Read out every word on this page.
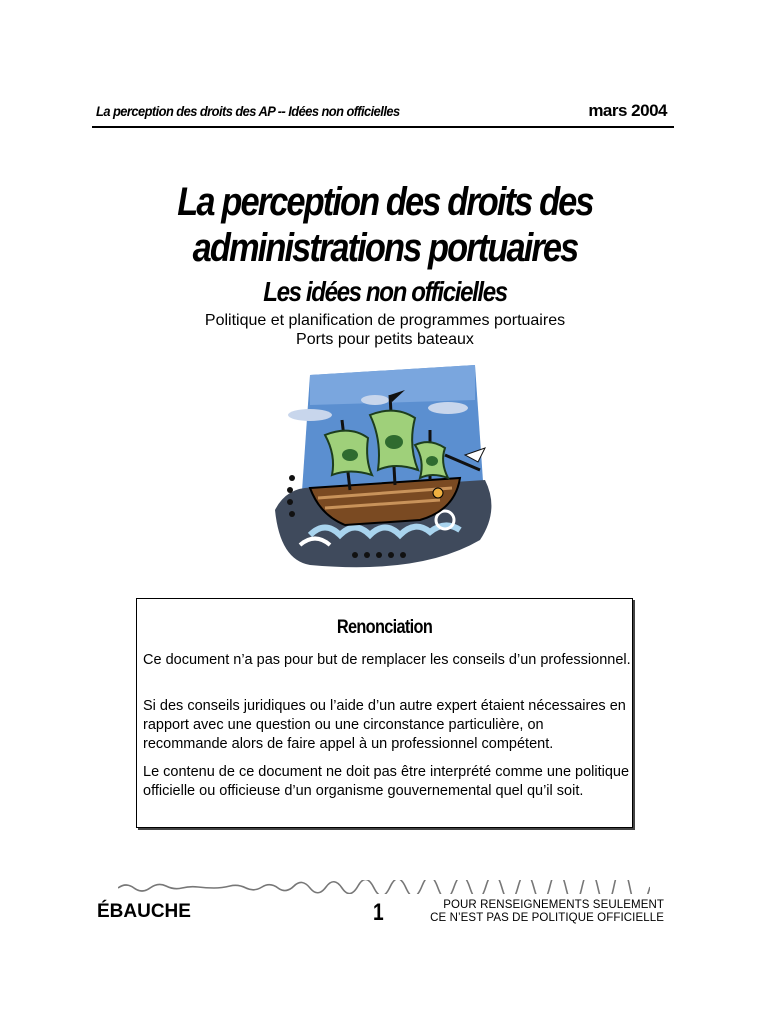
La perception des droits des AP -- Idées non officielles	mars 2004
La perception des droits des
administrations portuaires
Les idées non officielles
Politique et planification de programmes portuaires
Ports pour petits bateaux
Renonciation
Ce document n’a pas pour but de remplacer les conseils d’un professionnel.
Si des conseils juridiques ou l’aide d’un autre expert étaient nécessaires en rapport avec une question ou une circonstance particulière, on recommande alors de faire appel à un professionnel compétent.
Le contenu de ce document ne doit pas être interprété comme une politique officielle ou officieuse d’un organisme gouvernemental quel qu’il soit.
ÉBAUCHE	1	POUR RENSEIGNEMENTS SEULEMENT
CE N’EST PAS DE POLITIQUE OFFICIELLE
